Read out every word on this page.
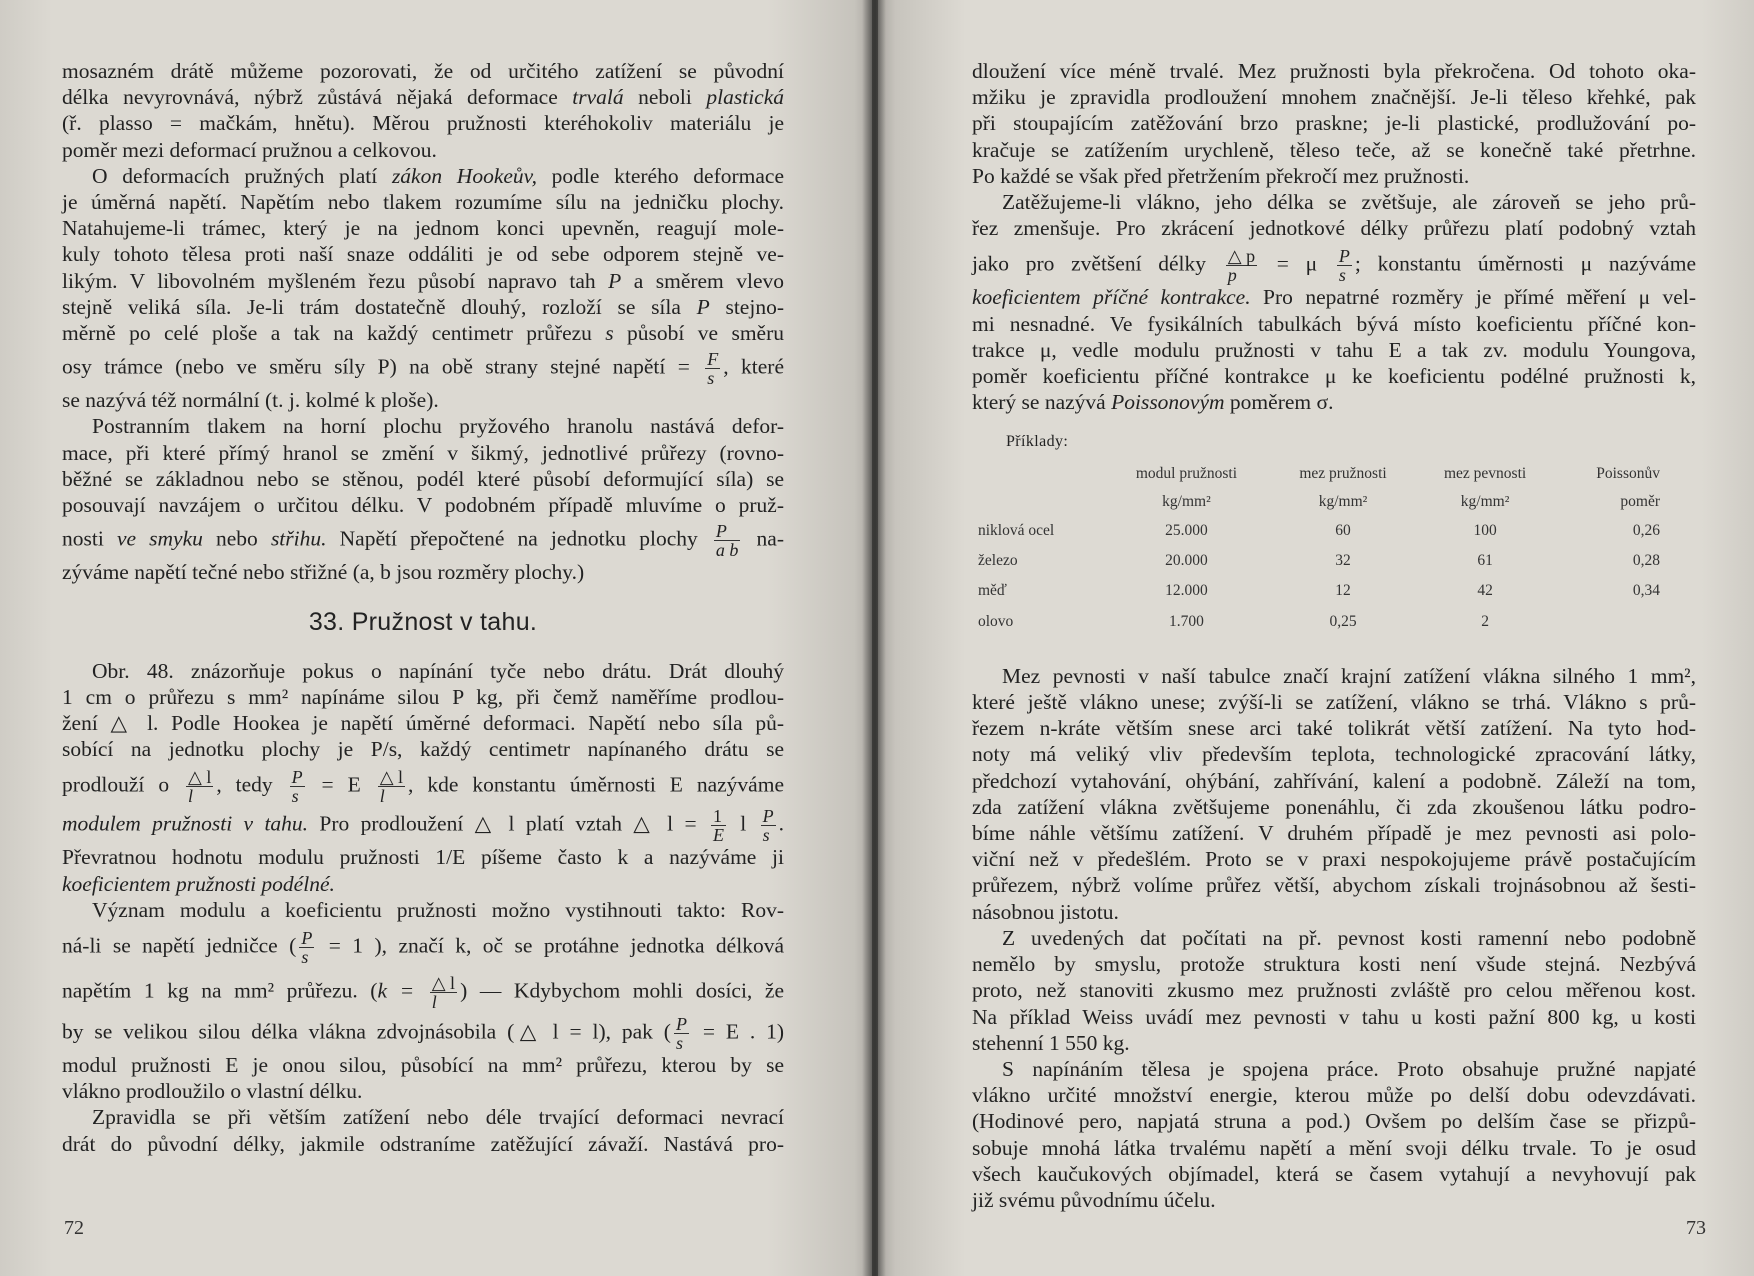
mosazném drátě můžeme pozorovati, že od určitého zatížení se původní
délka nevyrovnává, nýbrž zůstává nějaká deformace trvalá neboli plastická
(ř. plasso = mačkám, hnětu). Měrou pružnosti kteréhokoliv materiálu je
poměr mezi deformací pružnou a celkovou.
O deformacích pružných platí zákon Hookeův, podle kterého deformace
je úměrná napětí. Napětím nebo tlakem rozumíme sílu na jedničku plochy.
Natahujeme-li trámec, který je na jednom konci upevněn, reagují mole-
kuly tohoto tělesa proti naší snaze oddáliti je od sebe odporem stejně ve-
likým. V libovolném myšleném řezu působí napravo tah P a směrem vlevo
stejně veliká síla. Je-li trám dostatečně dlouhý, rozloží se síla P stejno-
měrně po celé ploše a tak na každý centimetr průřezu s působí ve směru
osy trámce (nebo ve směru síly P) na obě strany stejné napětí = $\frac{F}{s}$ , které
se nazývá též normální (t. j. kolmé k ploše).
Postranním tlakem na horní plochu pryžového hranolu nastává defor-
mace, při které přímý hranol se změní v šikmý, jednotlivé průřezy (rovno-
běžné se základnou nebo se stěnou, podél které působí deformující síla) se
posouvají navzájem o určitou délku. V podobném případě mluvíme o pruž-
nosti ve smyku nebo střihu. Napětí přepočtené na jednotku plochy $\frac{P}{\text{a b}} na-$
zýváme napětí tečné nebo střižné (a, b jsou rozměry plochy.)
33. Pružnost v tahu.
Obr. 48. znázorňuje pokus o napínání tyče nebo drátu. Drát dlouhý
1 cm o průřezu s mm² napínáme silou P kg, při čemž naměříme prodlou-
žení △ l. Podle Hookea je napětí úměrné deformaci. Napětí nebo síla pů-
sobící na jednotku plochy je P/s, každý centimetr napínaného drátu se
prodlouží o $\frac{\triangle l}{l}$ , tedy $\frac{P}{s} = E \frac{\triangle l}{l}$ , kde konstantu úměrnosti E nazýváme
modulem pružnosti v tahu. Pro prodloužení △ l platí vztah △ $l = \frac{1}{E}$ l $\frac{P}{s}$ .
Převratnou hodnotu modulu pružnosti 1/E píšeme často k a nazýváme ji
koeficientem pružnosti podélné.
Význam modulu a koeficientu pružnosti možno vystihnouti takto: Rov-
ná-li se napětí jedničce ( $\frac{P}{s} = 1$ ), značí k, oč se protáhne jednotka délková
napětím 1 kg na mm² průřezu. ($k = \frac{\triangle l}{l}$ ) — Kdybychom mohli dosíci, že
by se velikou silou délka vlákna zdvojnásobila (△ l = l), pak ( $\frac{P}{s} = E$ . 1)
modul pružnosti E je onou silou, působící na mm² průřezu, kterou by se
vlákno prodloužilo o vlastní délku.
Zpravidla se při větším zatížení nebo déle trvající deformaci nevrací
drát do původní délky, jakmile odstraníme zatěžující závaží. Nastává pro-
72
dloužení více méně trvalé. Mez pružnosti byla překročena. Od tohoto oka-
mžiku je zpravidla prodloužení mnohem značnější. Je-li těleso křehké, pak
při stoupajícím zatěžování brzo praskne; je-li plastické, prodlužování po-
kračuje se zatížením urychleně, těleso teče, až se konečně také přetrhne.
Po každé se však před přetržením překročí mez pružnosti.
Zatěžujeme-li vlákno, jeho délka se zvětšuje, ale zároveň se jeho prů-
řez zmenšuje. Pro zkrácení jednotkové délky průřezu platí podobný vztah
jako pro zvětšení délky $\frac{\triangle p}{p} = \mu \frac{P}{s}$ ; konstantu úměrnosti μ nazýváme
koeficientem příčné kontrakce. Pro nepatrné rozměry je přímé měření μ vel-
mi nesnadné. Ve fysikálních tabulkách bývá místo koeficientu příčné kon-
trakce μ, vedle modulu pružnosti v tahu E a tak zv. modulu Youngova,
poměr koeficientu příčné kontrakce μ ke koeficientu podélné pružnosti k,
který se nazývá Poissonovým poměrem σ.
Příklady:
	modul pružnosti	mez pružnosti	mez pevnosti	Poissonův
	kg/mm²	kg/mm²	kg/mm²	poměr
niklová ocel	25.000	60	100	0,26
železo	20.000	32	61	0,28
měď	12.000	12	42	0,34
olovo	1.700	0,25	2	
Mez pevnosti v naší tabulce značí krajní zatížení vlákna silného 1 mm²,
které ještě vlákno unese; zvýší-li se zatížení, vlákno se trhá. Vlákno s prů-
řezem n-kráte větším snese arci také tolikrát větší zatížení. Na tyto hod-
noty má veliký vliv především teplota, technologické zpracování látky,
předchozí vytahování, ohýbání, zahřívání, kalení a podobně. Záleží na tom,
zda zatížení vlákna zvětšujeme ponenáhlu, či zda zkoušenou látku podro-
bíme náhle většímu zatížení. V druhém případě je mez pevnosti asi polo-
viční než v předešlém. Proto se v praxi nespokojujeme právě postačujícím
průřezem, nýbrž volíme průřez větší, abychom získali trojnásobnou až šesti-
násobnou jistotu.
Z uvedených dat počítati na př. pevnost kosti ramenní nebo podobně
nemělo by smyslu, protože struktura kosti není všude stejná. Nezbývá
proto, než stanoviti zkusmo mez pružnosti zvláště pro celou měřenou kost.
Na příklad Weiss uvádí mez pevnosti v tahu u kosti pažní 800 kg, u kosti
stehenní 1 550 kg.
S napínáním tělesa je spojena práce. Proto obsahuje pružné napjaté
vlákno určité množství energie, kterou může po delší dobu odevzdávati.
(Hodinové pero, napjatá struna a pod.) Ovšem po delším čase se přizpů-
sobuje mnohá látka trvalému napětí a mění svoji délku trvale. To je osud
všech kaučukových objímadel, která se časem vytahují a nevyhovují pak
již svému původnímu účelu.
73
